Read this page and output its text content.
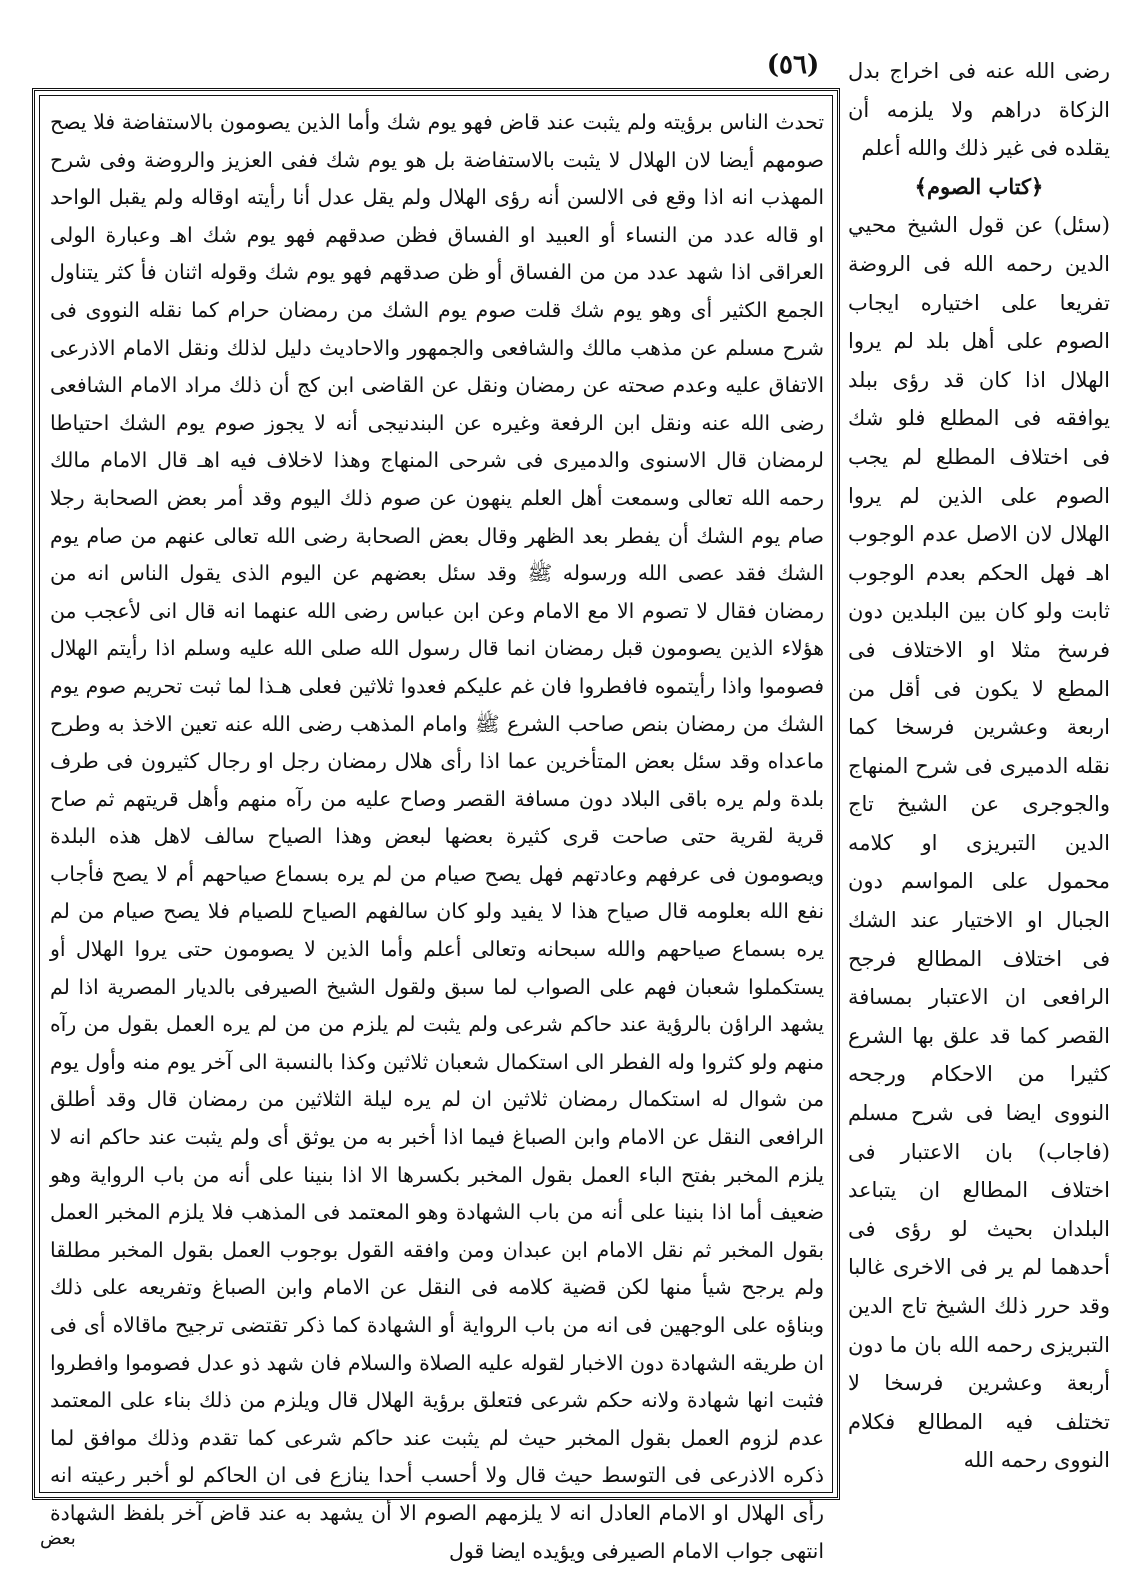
(٥٦)	رضى الله عنه فى اخراج بدل الزكاة دراهم ولا يلزمه أن يقلده فى غير ذلك والله أعلم
﴿كتاب الصوم﴾
(سئل) عن قول الشيخ محيي الدين رحمه الله فى الروضة تفريعا على اختياره ايجاب الصوم على أهل بلد لم يروا الهلال اذا كان قد رؤى ببلد يوافقه فى المطلع فلو شك فى اختلاف المطلع لم يجب الصوم على الذين لم يروا الهلال لان الاصل عدم الوجوب اهـ فهل الحكم بعدم الوجوب ثابت ولو كان بين البلدين دون فرسخ مثلا او الاختلاف فى المطع لا يكون فى أقل من اربعة وعشرين فرسخا كما نقله الدميرى فى شرح المنهاج والجوجرى عن الشيخ تاج الدين التبريزى او كلامه محمول على المواسم دون الجبال او الاختيار عند الشك فى اختلاف المطالع فرجح الرافعى ان الاعتبار بمسافة القصر كما قد علق بها الشرع كثيرا من الاحكام ورجحه النووى ايضا فى شرح مسلم (فاجاب) بان الاعتبار فى اختلاف المطالع ان يتباعد البلدان بحيث لو رؤى فى أحدهما لم ير فى الاخرى غالبا وقد حرر ذلك الشيخ تاج الدين التبريزى رحمه الله بان ما دون أربعة وعشرين فرسخا لا تختلف فيه المطالع فكلام النووى رحمه الله

تحدث الناس برؤيته ولم يثبت عند قاض فهو يوم شك وأما الذين يصومون بالاستفاضة فلا يصح صومهم أيضا لان الهلال لا يثبت بالاستفاضة بل هو يوم شك ففى العزيز والروضة وفى شرح المهذب انه اذا وقع فى الالسن أنه رؤى الهلال ولم يقل عدل أنا رأيته اوقاله ولم يقبل الواحد او قاله عدد من النساء أو العبيد او الفساق فظن صدقهم فهو يوم شك اهـ وعبارة الولى العراقى اذا شهد عدد من من الفساق أو ظن صدقهم فهو يوم شك وقوله اثنان فأ كثر يتناول الجمع الكثير أى وهو يوم شك قلت صوم يوم الشك من رمضان حرام كما نقله النووى فى شرح مسلم عن مذهب مالك والشافعى والجمهور والاحاديث دليل لذلك ونقل الامام الاذرعى الاتفاق عليه وعدم صحته عن رمضان ونقل عن القاضى ابن كج أن ذلك مراد الامام الشافعى رضى الله عنه ونقل ابن الرفعة وغيره عن البندنيجى أنه لا يجوز صوم يوم الشك احتياطا لرمضان قال الاسنوى والدميرى فى شرحى المنهاج وهذا لاخلاف فيه اهـ قال الامام مالك رحمه الله تعالى وسمعت أهل العلم ينهون عن صوم ذلك اليوم وقد أمر بعض الصحابة رجلا صام يوم الشك أن يفطر بعد الظهر وقال بعض الصحابة رضى الله تعالى عنهم من صام يوم الشك فقد عصى الله ورسوله ﷺ وقد سئل بعضهم عن اليوم الذى يقول الناس انه من رمضان فقال لا تصوم الا مع الامام وعن ابن عباس رضى الله عنهما انه قال انى لأعجب من هؤلاء الذين يصومون قبل رمضان انما قال رسول الله صلى الله عليه وسلم اذا رأيتم الهلال فصوموا واذا رأيتموه فافطروا فان غم عليكم فعدوا ثلاثين فعلى هـذا لما ثبت تحريم صوم يوم الشك من رمضان بنص صاحب الشرع ﷺ وامام المذهب رضى الله عنه تعين الاخذ به وطرح ماعداه وقد سئل بعض المتأخرين عما اذا رأى هلال رمضان رجل او رجال كثيرون فى طرف بلدة ولم يره باقى البلاد دون مسافة القصر وصاح عليه من رآه منهم وأهل قريتهم ثم صاح قرية لقرية حتى صاحت قرى كثيرة بعضها لبعض وهذا الصياح سالف لاهل هذه البلدة ويصومون فى عرفهم وعادتهم فهل يصح صيام من لم يره بسماع صياحهم أم لا يصح فأجاب نفع الله بعلومه قال صياح هذا لا يفيد ولو كان سالفهم الصياح للصيام فلا يصح صيام من لم يره بسماع صياحهم والله سبحانه وتعالى أعلم وأما الذين لا يصومون حتى يروا الهلال أو يستكملوا شعبان فهم على الصواب لما سبق ولقول الشيخ الصيرفى بالديار المصرية اذا لم يشهد الراؤن بالرؤية عند حاكم شرعى ولم يثبت لم يلزم من من لم يره العمل بقول من رآه منهم ولو كثروا وله الفطر الى استكمال شعبان ثلاثين وكذا بالنسبة الى آخر يوم منه وأول يوم من شوال له استكمال رمضان ثلاثين ان لم يره ليلة الثلاثين من رمضان قال وقد أطلق الرافعى النقل عن الامام وابن الصباغ فيما اذا أخبر به من يوثق أى ولم يثبت عند حاكم انه لا يلزم المخبر بفتح الباء العمل بقول المخبر بكسرها الا اذا بنينا على أنه من باب الرواية وهو ضعيف أما اذا بنينا على أنه من باب الشهادة وهو المعتمد فى المذهب فلا يلزم المخبر العمل بقول المخبر ثم نقل الامام ابن عبدان ومن وافقه القول بوجوب العمل بقول المخبر مطلقا ولم يرجح شيأ منها لكن قضية كلامه فى النقل عن الامام وابن الصباغ وتفريعه على ذلك وبناؤه على الوجهين فى انه من باب الرواية أو الشهادة كما ذكر تقتضى ترجيح ماقالاه أى فى ان طريقه الشهادة دون الاخبار لقوله عليه الصلاة والسلام فان شهد ذو عدل فصوموا وافطروا فثبت انها شهادة ولانه حكم شرعى فتعلق برؤية الهلال قال ويلزم من ذلك بناء على المعتمد عدم لزوم العمل بقول المخبر حيث لم يثبت عند حاكم شرعى كما تقدم وذلك موافق لما ذكره الاذرعى فى التوسط حيث قال ولا أحسب أحدا ينازع فى ان الحاكم لو أخبر رعيته انه رأى الهلال او الامام العادل انه لا يلزمهم الصوم الا أن يشهد به عند قاض آخر بلفظ الشهادة انتهى جواب الامام الصيرفى ويؤيده ايضا قول

بعض
